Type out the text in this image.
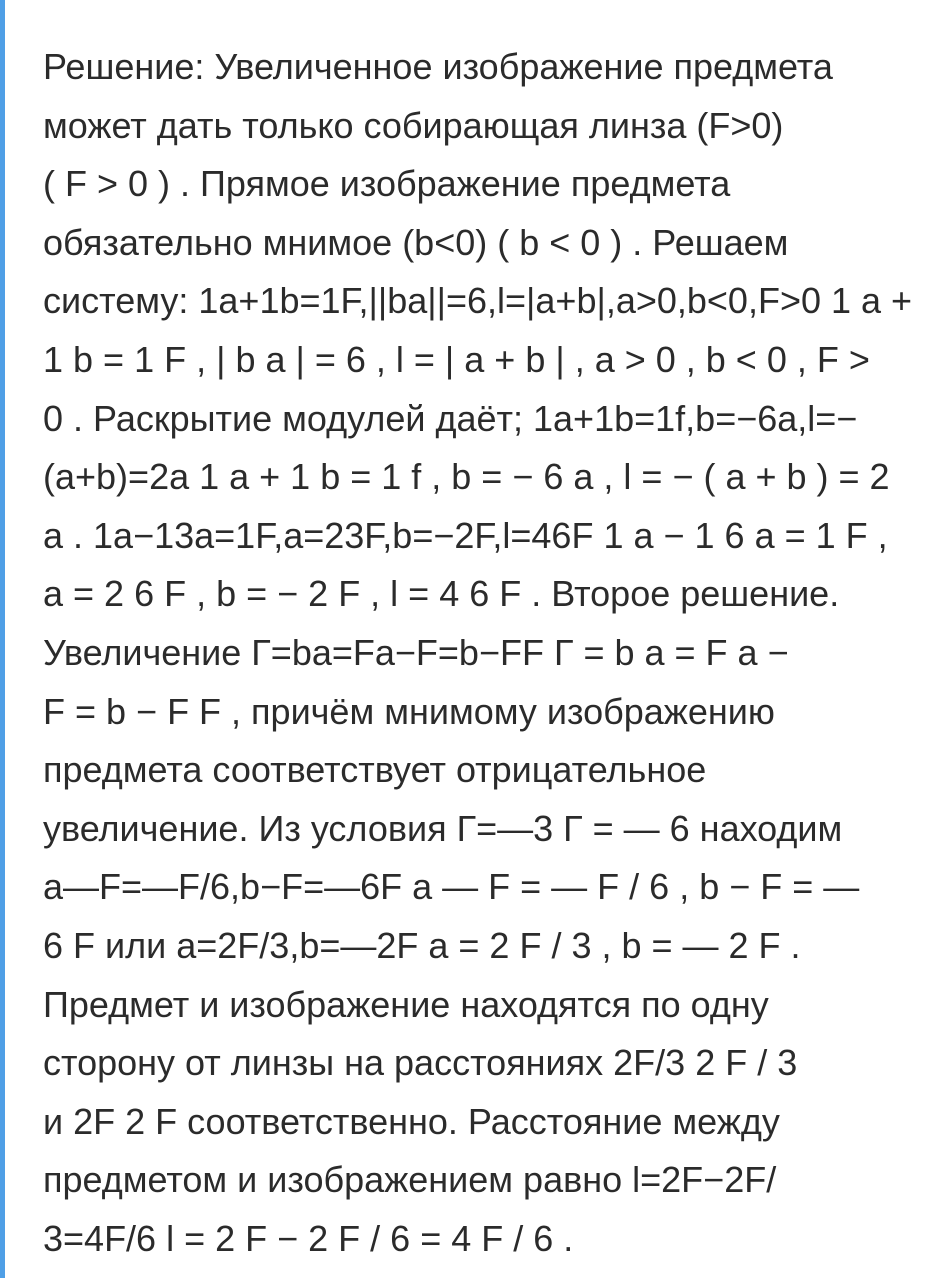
Решение: Увеличенное изображение предмета
может дать только собирающая линза (F>0)
( F > 0 ) . Прямое изображение предмета
обязательно мнимое (b<0) ( b < 0 ) . Решаем
систему: 1a+1b=1F,||ba||=6,l=|a+b|,a>0,b<0,F>0 1 a +
1 b = 1 F , | b a | = 6 , l = | a + b | , a > 0 , b < 0 , F >
0 . Раскрытие модулей даёт; 1a+1b=1f,b=−6a,l=−
(a+b)=2a 1 a + 1 b = 1 f , b = − 6 a , l = − ( a + b ) = 2
a . 1a−13a=1F,a=23F,b=−2F,l=46F 1 a − 1 6 a = 1 F ,
a = 2 6 F , b = − 2 F , l = 4 6 F . Второе решение.
Увеличение Г=ba=Fa−F=b−FF Г = b a = F a −
F = b − F F , причём мнимому изображению
предмета соответствует отрицательное
увеличение. Из условия Г=—3 Г = — 6 находим
a—F=—F/6,b−F=—6F a — F = — F / 6 , b − F = —
6 F или a=2F/3,b=—2F a = 2 F / 3 , b = — 2 F .
Предмет и изображение находятся по одну
сторону от линзы на расстояниях 2F/3 2 F / 3
и 2F 2 F соответственно. Расстояние между
предметом и изображением равно l=2F−2F/
3=4F/6 l = 2 F − 2 F / 6 = 4 F / 6 .
